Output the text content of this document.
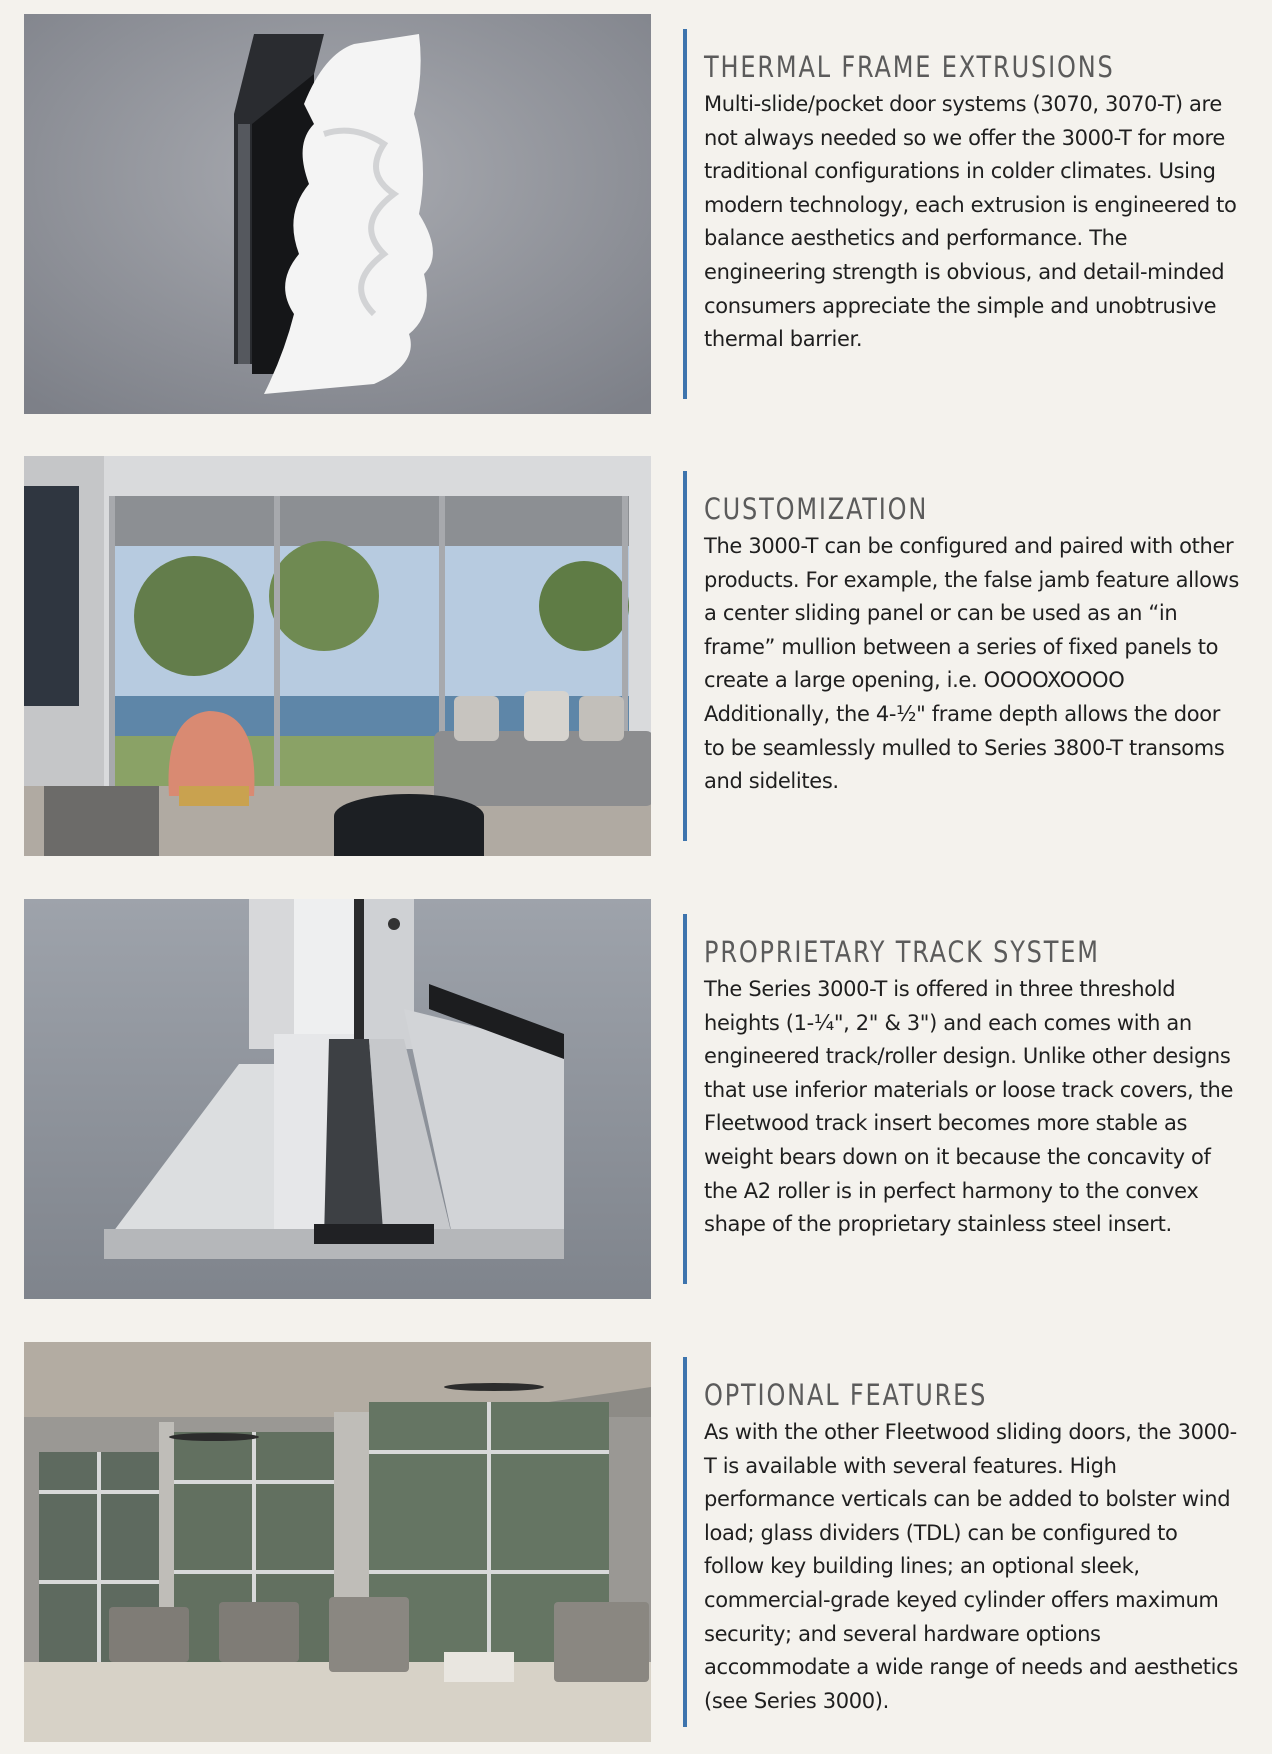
THERMAL FRAME EXTRUSIONS

Multi-slide/pocket door systems (3070, 3070-T) are not always needed so we offer the 3000-T for more traditional configurations in colder climates. Using modern technology, each extrusion is engineered to balance aesthetics and performance. The engineering strength is obvious, and detail-minded consumers appreciate the simple and unobtrusive thermal barrier.

CUSTOMIZATION

The 3000-T can be configured and paired with other products. For example, the false jamb feature allows a center sliding panel or can be used as an “in frame” mullion between a series of fixed panels to create a large opening, i.e. OOOOXOOOO Additionally, the 4-½" frame depth allows the door to be seamlessly mulled to Series 3800-T transoms and sidelites.

PROPRIETARY TRACK SYSTEM

The Series 3000-T is offered in three threshold heights (1-¼", 2" & 3") and each comes with an engineered track/roller design. Unlike other designs that use inferior materials or loose track covers, the Fleetwood track insert becomes more stable as weight bears down on it because the concavity of the A2 roller is in perfect harmony to the convex shape of the proprietary stainless steel insert.

OPTIONAL FEATURES

As with the other Fleetwood sliding doors, the 3000-T is available with several features. High performance verticals can be added to bolster wind load; glass dividers (TDL) can be configured to follow key building lines; an optional sleek, commercial-grade keyed cylinder offers maximum security; and several hardware options accommodate a wide range of needs and aesthetics (see Series 3000).
